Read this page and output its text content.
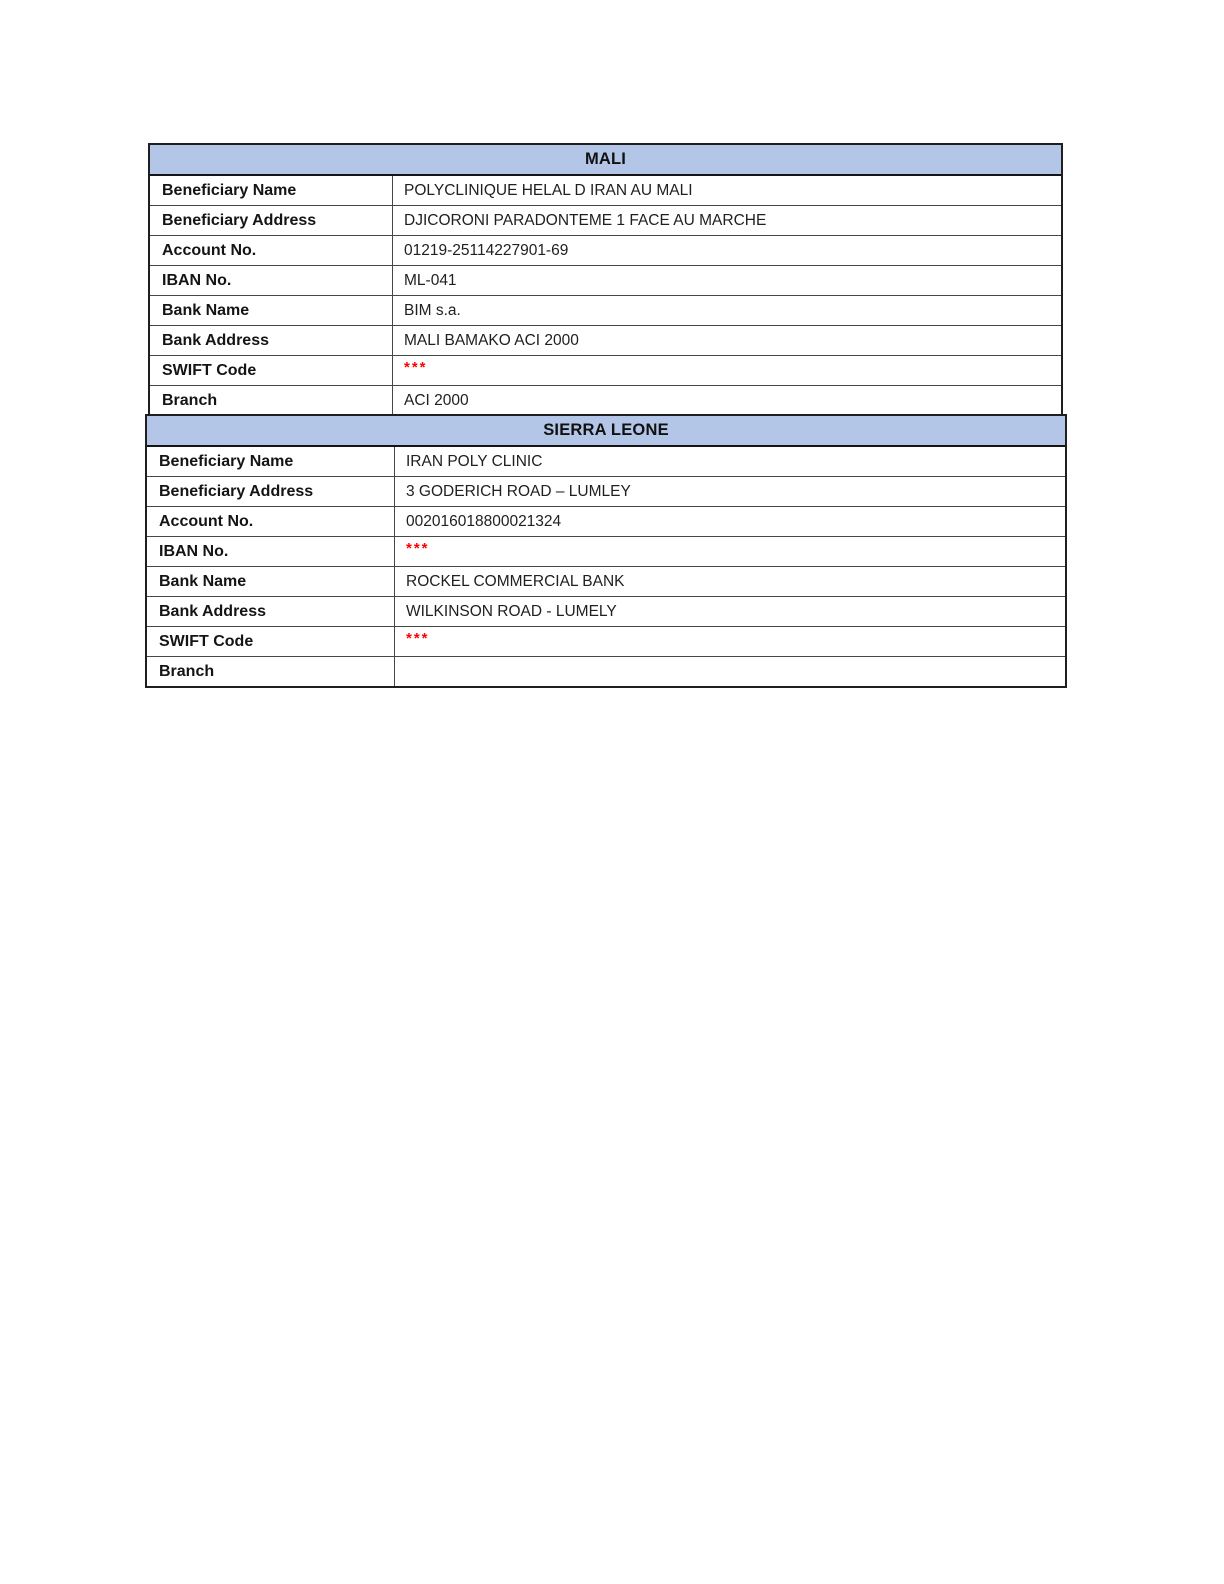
MALI
Beneficiary Name	POLYCLINIQUE HELAL D IRAN AU MALI
Beneficiary Address	DJICORONI PARADONTEME 1 FACE AU MARCHE
Account No.	01219-25114227901-69
IBAN No.	ML-041
Bank Name	BIM s.a.
Bank Address	MALI BAMAKO ACI 2000
SWIFT Code	***
Branch	ACI 2000
SIERRA LEONE
Beneficiary Name	IRAN POLY CLINIC
Beneficiary Address	3 GODERICH ROAD – LUMLEY
Account No.	002016018800021324
IBAN No.	***
Bank Name	ROCKEL COMMERCIAL BANK
Bank Address	WILKINSON ROAD - LUMELY
SWIFT Code	***
Branch
